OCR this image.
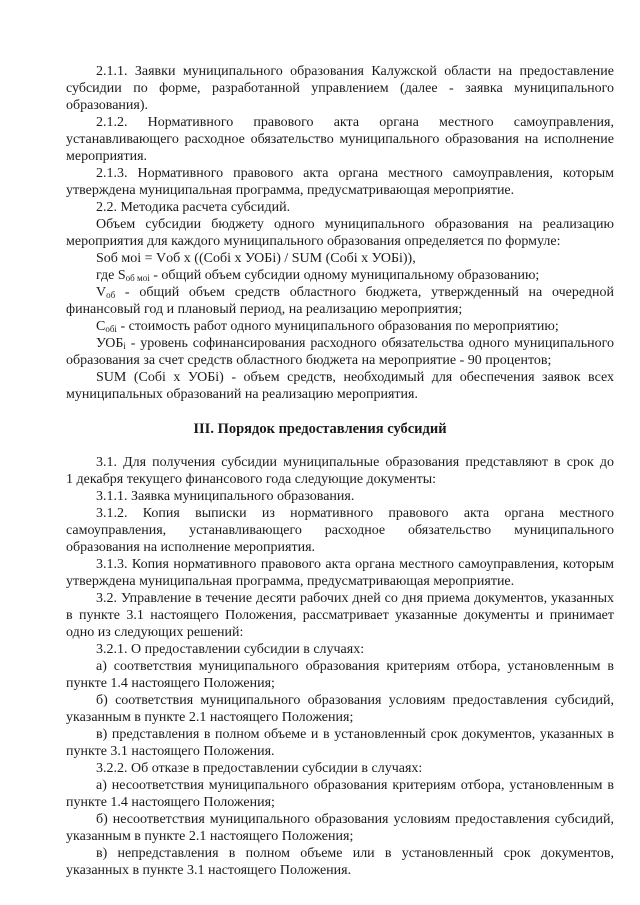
2.1.1. Заявки муниципального образования Калужской области на предоставление
субсидии по форме, разработанной управлением (далее - заявка муниципального
образования).
2.1.2. Нормативного правового акта органа местного самоуправления,
устанавливающего расходное обязательство муниципального образования на исполнение
мероприятия.
2.1.3. Нормативного правового акта органа местного самоуправления, которым
утверждена муниципальная программа, предусматривающая мероприятие.
2.2. Методика расчета субсидий.
Объем субсидии бюджету одного муниципального образования на реализацию
мероприятия для каждого муниципального образования определяется по формуле:
Sоб моі = Vоб х ((Cобі х УОБі) / SUM (Cобі х УОБі)),
где $S_{об моі}$ - общий объем субсидии одному муниципальному образованию;
$V_{об}$ - общий объем средств областного бюджета, утвержденный на очередной
финансовый год и плановый период, на реализацию мероприятия;
$C_{обі}$ - стоимость работ одного муниципального образования по мероприятию;
$УОБ_і$ - уровень софинансирования расходного обязательства одного муниципального
образования за счет средств областного бюджета на мероприятие - 90 процентов;
SUM (Cобі х УОБі) - объем средств, необходимый для обеспечения заявок всех
муниципальных образований на реализацию мероприятия.
III. Порядок предоставления субсидий
3.1. Для получения субсидии муниципальные образования представляют в срок до
1 декабря текущего финансового года следующие документы:
3.1.1. Заявка муниципального образования.
3.1.2. Копия выписки из нормативного правового акта органа местного
самоуправления, устанавливающего расходное обязательство муниципального
образования на исполнение мероприятия.
3.1.3. Копия нормативного правового акта органа местного самоуправления, которым
утверждена муниципальная программа, предусматривающая мероприятие.
3.2. Управление в течение десяти рабочих дней со дня приема документов, указанных
в пункте 3.1 настоящего Положения, рассматривает указанные документы и принимает
одно из следующих решений:
3.2.1. О предоставлении субсидии в случаях:
а) соответствия муниципального образования критериям отбора, установленным в
пункте 1.4 настоящего Положения;
б) соответствия муниципального образования условиям предоставления субсидий,
указанным в пункте 2.1 настоящего Положения;
в) представления в полном объеме и в установленный срок документов, указанных в
пункте 3.1 настоящего Положения.
3.2.2. Об отказе в предоставлении субсидии в случаях:
а) несоответствия муниципального образования критериям отбора, установленным в
пункте 1.4 настоящего Положения;
б) несоответствия муниципального образования условиям предоставления субсидий,
указанным в пункте 2.1 настоящего Положения;
в) непредставления в полном объеме или в установленный срок документов,
указанных в пункте 3.1 настоящего Положения.
